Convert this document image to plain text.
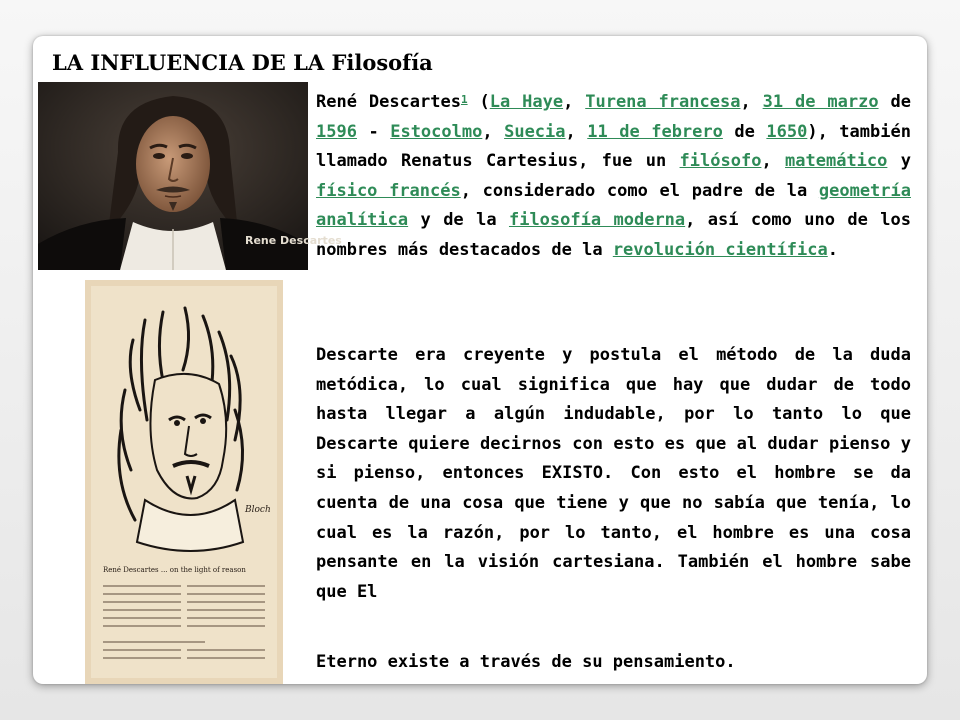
LA INFLUENCIA DE LA Filosofía
Rene Descartes
Bloch
René Descartes ... on the light of reason

René Descartes$^1$ (La Haye, Turena francesa, 31 de marzo de 1596 - Estocolmo, Suecia, 11 de febrero de 1650), también llamado Renatus Cartesius, fue un filósofo, matemático y físico francés, considerado como el padre de la geometría analítica y de la filosofía moderna, así como uno de los nombres más destacados de la revolución científica.

Descarte era creyente y postula el método de la duda metódica, lo cual significa que hay que dudar de todo hasta llegar a algún indudable, por lo tanto lo que Descarte quiere decirnos con esto es que al dudar pienso y si pienso, entonces EXISTO. Con esto el hombre se da cuenta de una cosa que tiene y que no sabía que tenía, lo cual es la razón, por lo tanto, el hombre es una cosa pensante en la visión cartesiana. También el hombre sabe que El

Eterno existe a través de su pensamiento.
